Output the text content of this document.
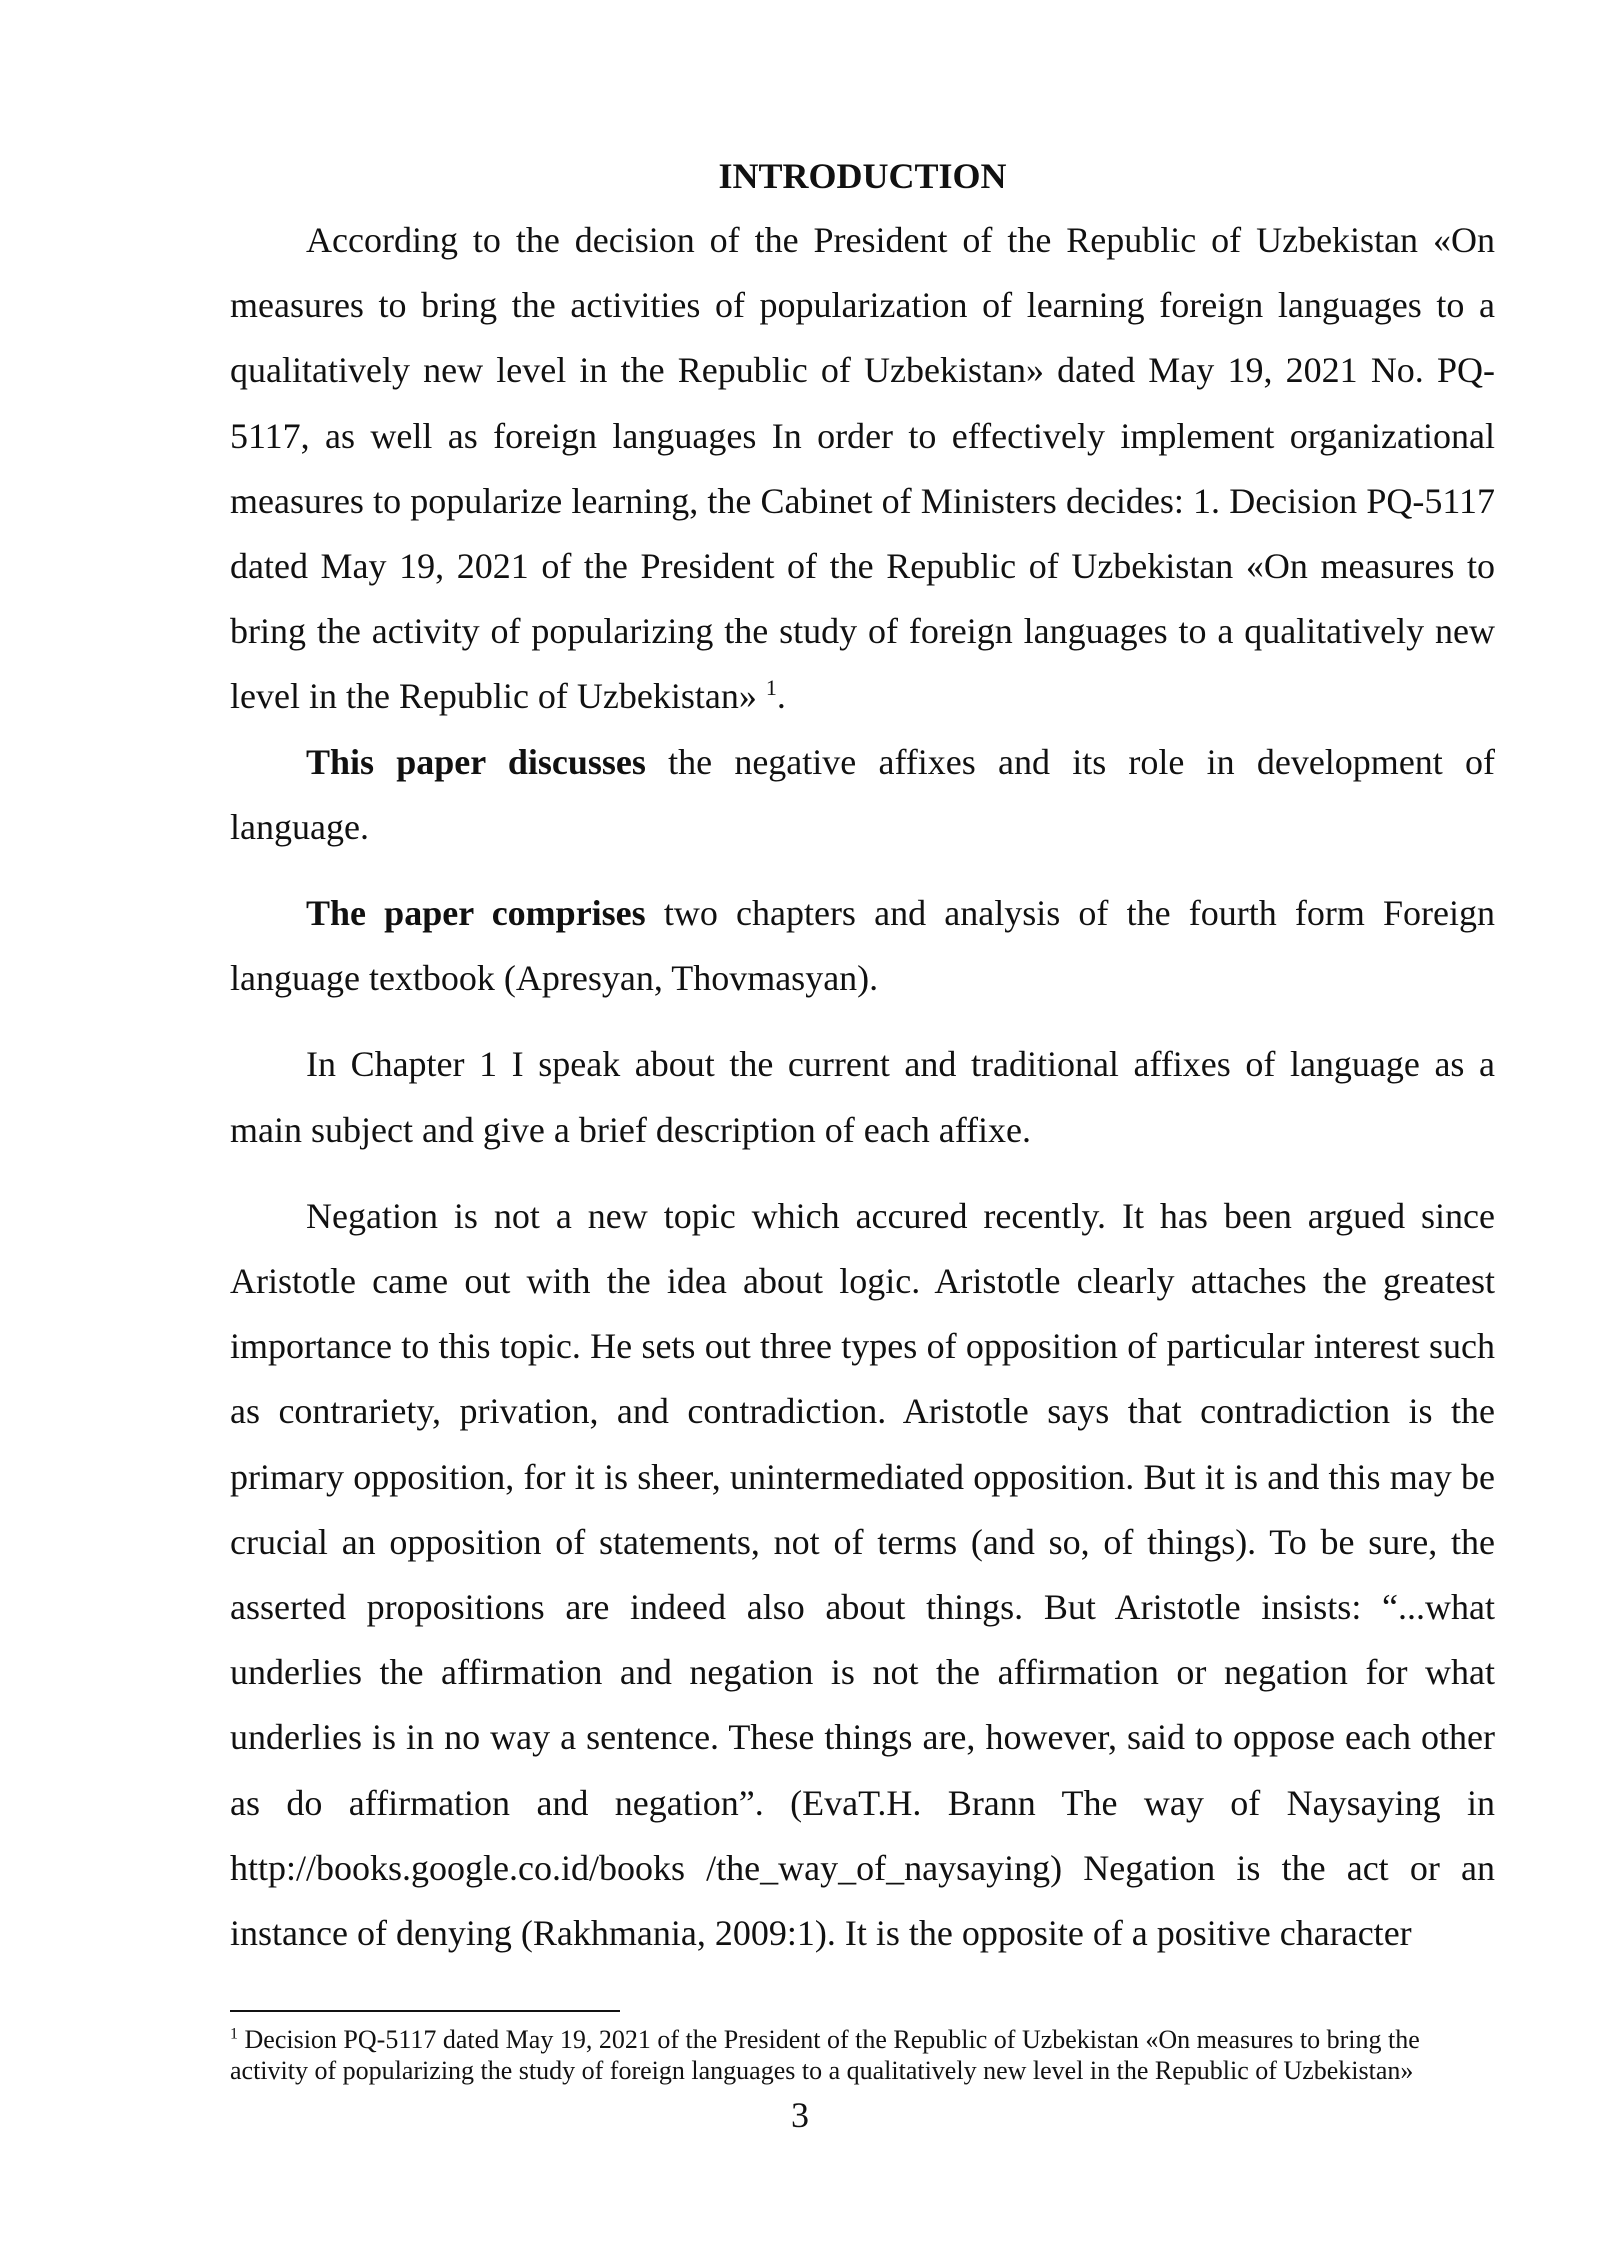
INTRODUCTION

According to the decision of the President of the Republic of Uzbekistan «On measures to bring the activities of popularization of learning foreign languages to a qualitatively new level in the Republic of Uzbekistan» dated May 19, 2021 No. PQ-5117, as well as foreign languages In order to effectively implement organizational measures to popularize learning, the Cabinet of Ministers decides: 1. Decision PQ-5117 dated May 19, 2021 of the President of the Republic of Uzbekistan «On measures to bring the activity of popularizing the study of foreign languages to a qualitatively new level in the Republic of Uzbekistan» $^1$.

This paper discusses the negative affixes and its role in development of language.

The paper comprises two chapters and analysis of the fourth form Foreign language textbook (Apresyan, Thovmasyan).

In Chapter 1 I speak about the current and traditional affixes of language as a main subject and give a brief description of each affixe.

Negation is not a new topic which accured recently. It has been argued since Aristotle came out with the idea about logic. Aristotle clearly attaches the greatest importance to this topic. He sets out three types of opposition of particular interest such as contrariety, privation, and contradiction. Aristotle says that contradiction is the primary opposition, for it is sheer, unintermediated opposition. But it is and this may be crucial an opposition of statements, not of terms (and so, of things). To be sure, the asserted propositions are indeed also about things. But Aristotle insists: “...what underlies the affirmation and negation is not the affirmation or negation for what underlies is in no way a sentence. These things are, however, said to oppose each other as do affirmation and negation”. (EvaT.H. Brann The way of Naysaying in http://books.google.co.id/books /the_way_of_naysaying) Negation is the act or an instance of denying (Rakhmania, 2009:1). It is the opposite of a positive character

$^1$ Decision PQ-5117 dated May 19, 2021 of the President of the Republic of Uzbekistan «On measures to bring the activity of popularizing the study of foreign languages to a qualitatively new level in the Republic of Uzbekistan»
3
